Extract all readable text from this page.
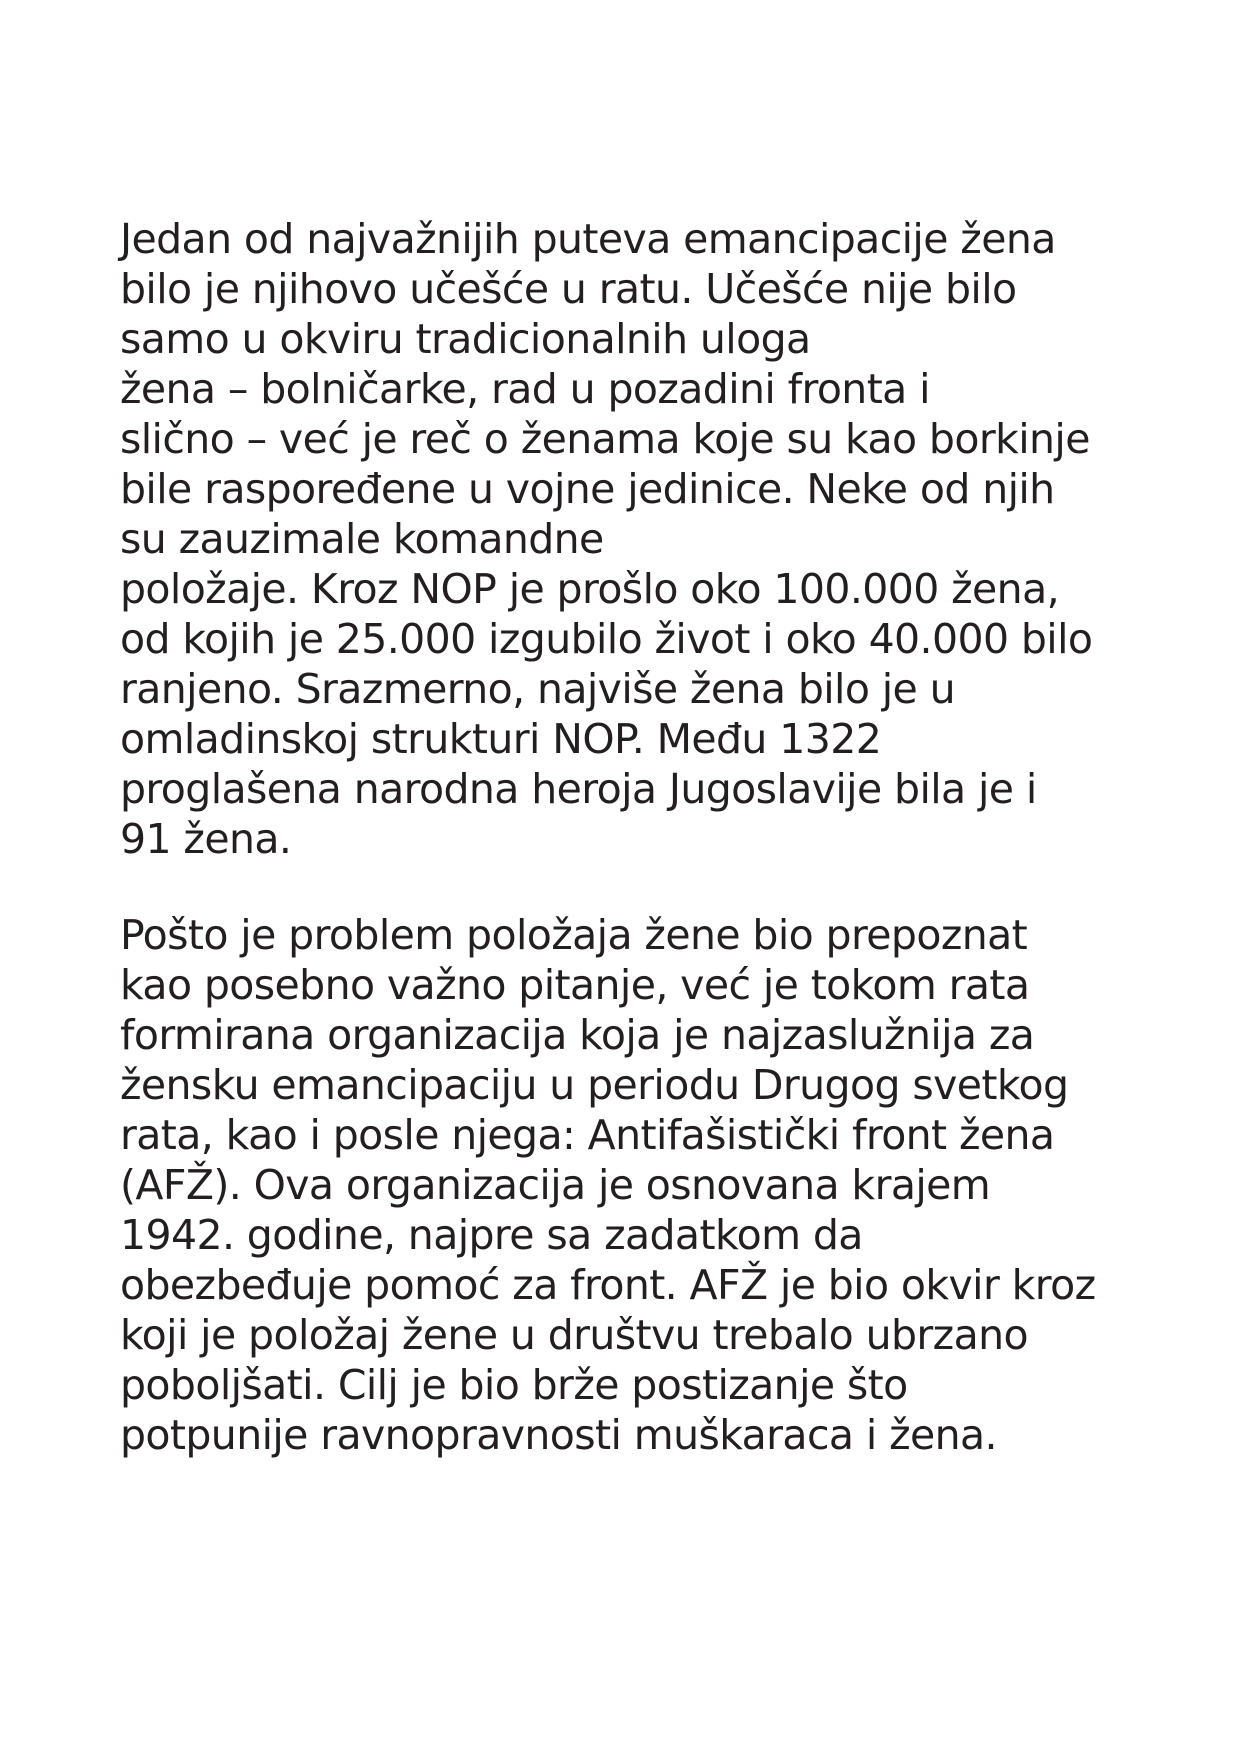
Jedan od najvažnijih puteva emancipacije žena
bilo je njihovo učešće u ratu. Učešće nije bilo
samo u okviru tradicionalnih uloga
žena – bolničarke, rad u pozadini fronta i
slično – već je reč o ženama koje su kao borkinje
bile raspoređene u vojne jedinice. Neke od njih
su zauzimale komandne
položaje. Kroz NOP je prošlo oko 100.000 žena,
od kojih je 25.000 izgubilo život i oko 40.000 bilo
ranjeno. Srazmerno, najviše žena bilo je u
omladinskoj strukturi NOP. Među 1322
proglašena narodna heroja Jugoslavije bila je i
91 žena.
Pošto je problem položaja žene bio prepoznat
kao posebno važno pitanje, već je tokom rata
formirana organizacija koja je najzaslužnija za
žensku emancipaciju u periodu Drugog svetkog
rata, kao i posle njega: Antifašistički front žena
(AFŽ). Ova organizacija je osnovana krajem
1942. godine, najpre sa zadatkom da
obezbeđuje pomoć za front. AFŽ je bio okvir kroz
koji je položaj žene u društvu trebalo ubrzano
poboljšati. Cilj je bio brže postizanje što
potpunije ravnopravnosti muškaraca i žena.
